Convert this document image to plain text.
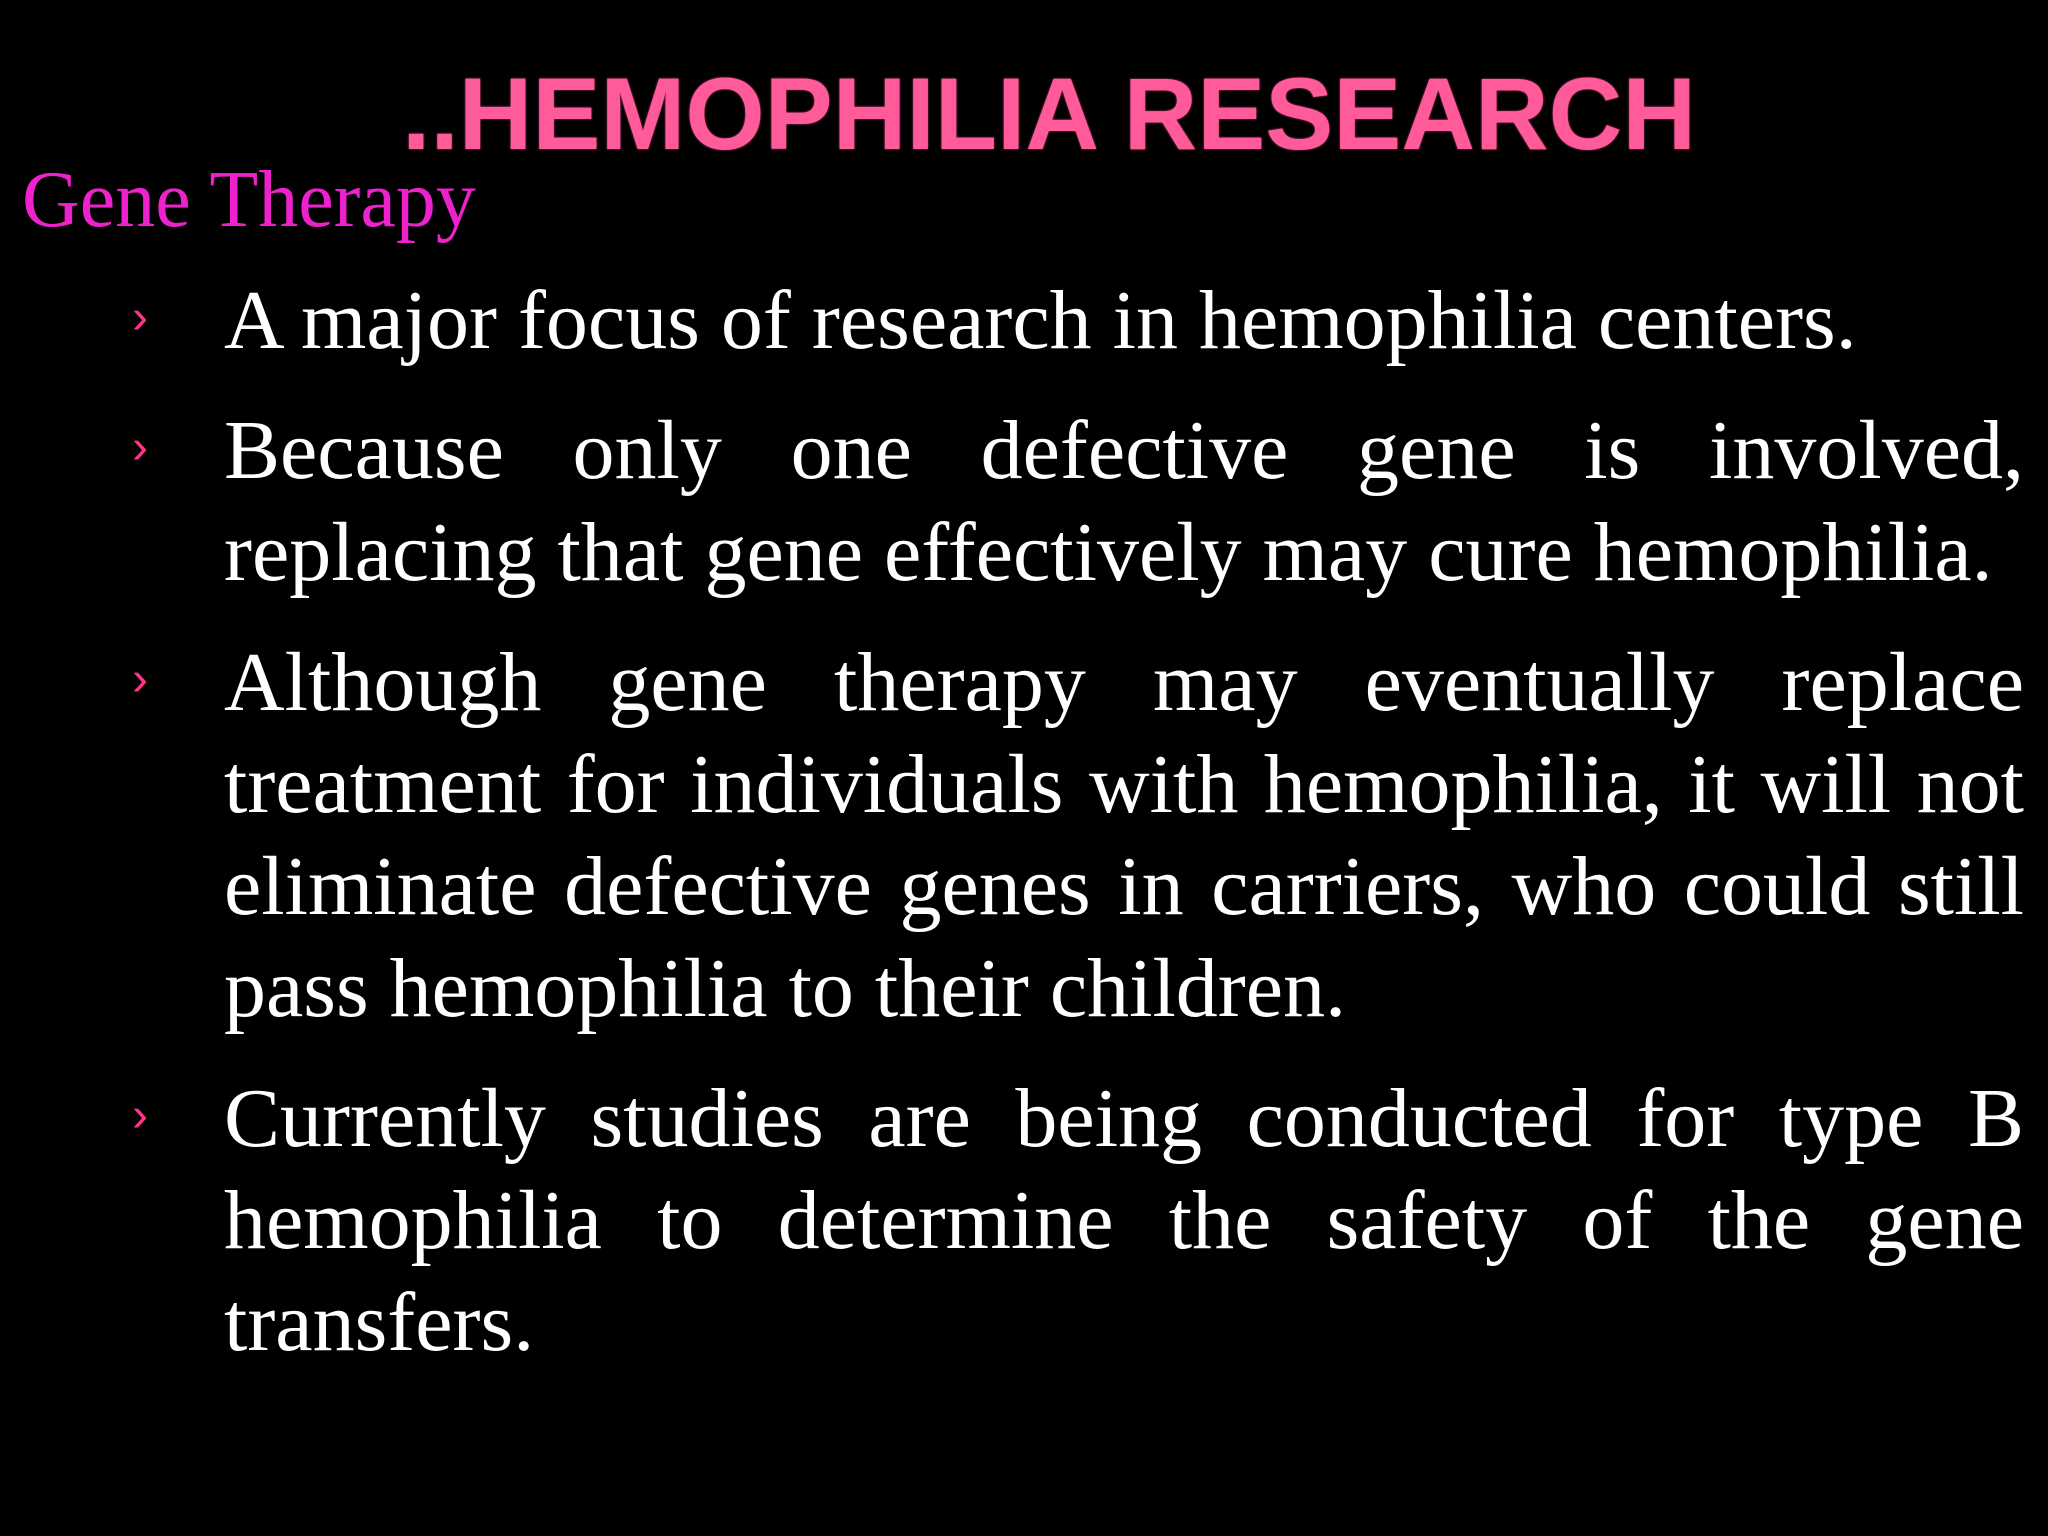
..HEMOPHILIA RESEARCH
Gene Therapy
› A major focus of research in hemophilia centers.
› Because only one defective gene is involved, replacing that gene effectively may cure hemophilia.
› Although gene therapy may eventually replace treatment for individuals with hemophilia, it will not eliminate defective genes in carriers, who could still pass hemophilia to their children.
› Currently studies are being conducted for type B hemophilia to determine the safety of the gene transfers.
